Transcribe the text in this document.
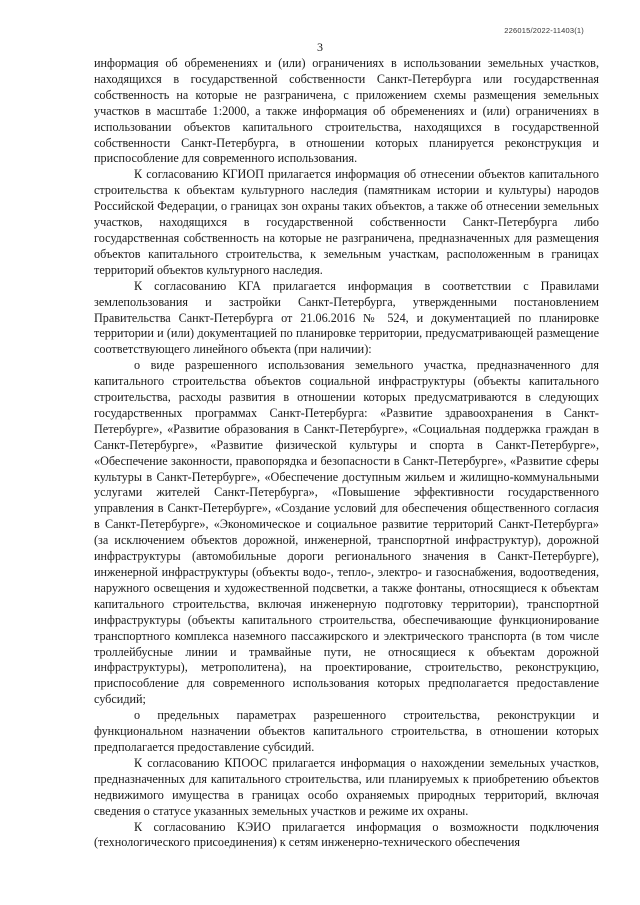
226015/2022-11403(1)
3

информация об обременениях и (или) ограничениях в использовании земельных участков, находящихся в государственной собственности Санкт-Петербурга или государственная собственность на которые не разграничена, с приложением схемы размещения земельных участков в масштабе 1:2000, а также информация об обременениях и (или) ограничениях в использовании объектов капитального строительства, находящихся в государственной собственности Санкт-Петербурга, в отношении которых планируется реконструкция и приспособление для современного использования.

К согласованию КГИОП прилагается информация об отнесении объектов капитального строительства к объектам культурного наследия (памятникам истории и культуры) народов Российской Федерации, о границах зон охраны таких объектов, а также об отнесении земельных участков, находящихся в государственной собственности Санкт-Петербурга либо государственная собственность на которые не разграничена, предназначенных для размещения объектов капитального строительства, к земельным участкам, расположенным в границах территорий объектов культурного наследия.

К согласованию КГА прилагается информация в соответствии с Правилами землепользования и застройки Санкт-Петербурга, утвержденными постановлением Правительства Санкт-Петербурга от 21.06.2016 № 524, и документацией по планировке территории и (или) документацией по планировке территории, предусматривающей размещение соответствующего линейного объекта (при наличии):

о виде разрешенного использования земельного участка, предназначенного для капитального строительства объектов социальной инфраструктуры (объекты капитального строительства, расходы развития в отношении которых предусматриваются в следующих государственных программах Санкт-Петербурга: «Развитие здравоохранения в Санкт-Петербурге», «Развитие образования в Санкт-Петербурге», «Социальная поддержка граждан в Санкт-Петербурге», «Развитие физической культуры и спорта в Санкт-Петербурге», «Обеспечение законности, правопорядка и безопасности в Санкт-Петербурге», «Развитие сферы культуры в Санкт-Петербурге», «Обеспечение доступным жильем и жилищно-коммунальными услугами жителей Санкт-Петербурга», «Повышение эффективности государственного управления в Санкт-Петербурге», «Создание условий для обеспечения общественного согласия в Санкт-Петербурге», «Экономическое и социальное развитие территорий Санкт-Петербурга» (за исключением объектов дорожной, инженерной, транспортной инфраструктур), дорожной инфраструктуры (автомобильные дороги регионального значения в Санкт-Петербурге), инженерной инфраструктуры (объекты водо-, тепло-, электро- и газоснабжения, водоотведения, наружного освещения и художественной подсветки, а также фонтаны, относящиеся к объектам капитального строительства, включая инженерную подготовку территории), транспортной инфраструктуры (объекты капитального строительства, обеспечивающие функционирование транспортного комплекса наземного пассажирского и электрического транспорта (в том числе троллейбусные линии и трамвайные пути, не относящиеся к объектам дорожной инфраструктуры), метрополитена), на проектирование, строительство, реконструкцию, приспособление для современного использования которых предполагается предоставление субсидий;

о предельных параметрах разрешенного строительства, реконструкции и функциональном назначении объектов капитального строительства, в отношении которых предполагается предоставление субсидий.

К согласованию КПООС прилагается информация о нахождении земельных участков, предназначенных для капитального строительства, или планируемых к приобретению объектов недвижимого имущества в границах особо охраняемых природных территорий, включая сведения о статусе указанных земельных участков и режиме их охраны.

К согласованию КЭИО прилагается информация о возможности подключения (технологического присоединения) к сетям инженерно-технического обеспечения
